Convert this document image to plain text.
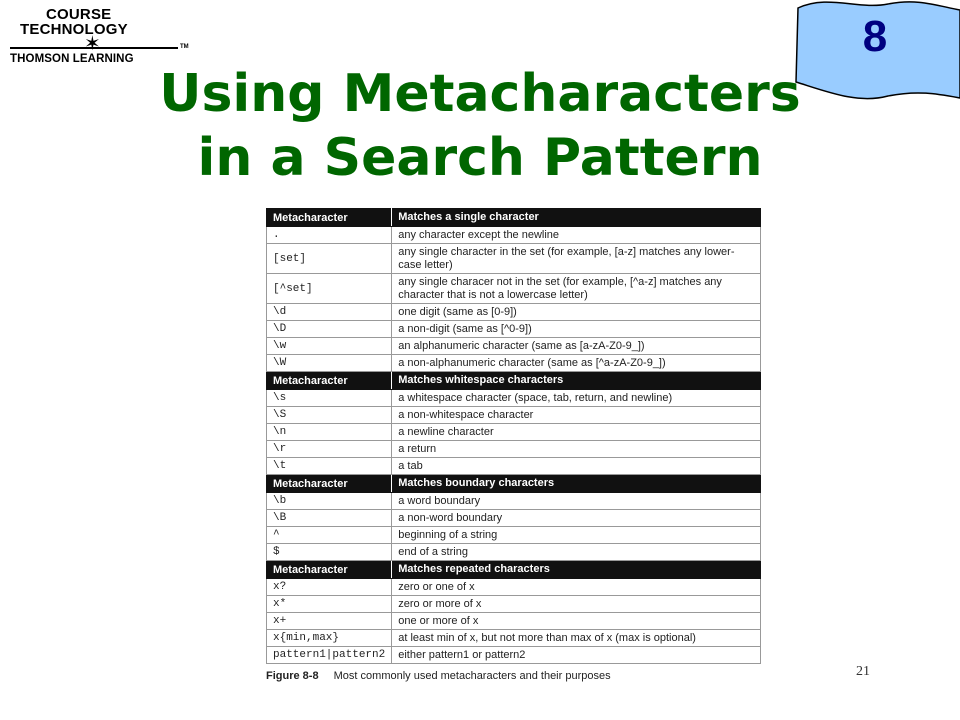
COURSE
TECHNOLOGY
✶	TM
THOMSON LEARNING	8
Using Metacharacters
in a Search Pattern
Metacharacter	Matches a single character
.	any character except the newline
[set]	any single character in the set (for example, [a-z] matches any lower-case letter)
[^set]	any single characer not in the set (for example, [^a-z] matches any character that is not a lowercase letter)
\d	one digit (same as [0-9])
\D	a non-digit (same as [^0-9])
\w	an alphanumeric character (same as [a-zA-Z0-9_])
\W	a non-alphanumeric character (same as [^a-zA-Z0-9_])
Metacharacter	Matches whitespace characters
\s	a whitespace character (space, tab, return, and newline)
\S	a non-whitespace character
\n	a newline character
\r	a return
\t	a tab
Metacharacter	Matches boundary characters
\b	a word boundary
\B	a non-word boundary
^	beginning of a string
$	end of a string
Metacharacter	Matches repeated characters
x?	zero or one of x
x*	zero or more of x
x+	one or more of x
x{min,max}	at least min of x, but not more than max of x (max is optional)
pattern1|pattern2	either pattern1 or pattern2
Figure 8-8 Most commonly used metacharacters and their purposes	21
